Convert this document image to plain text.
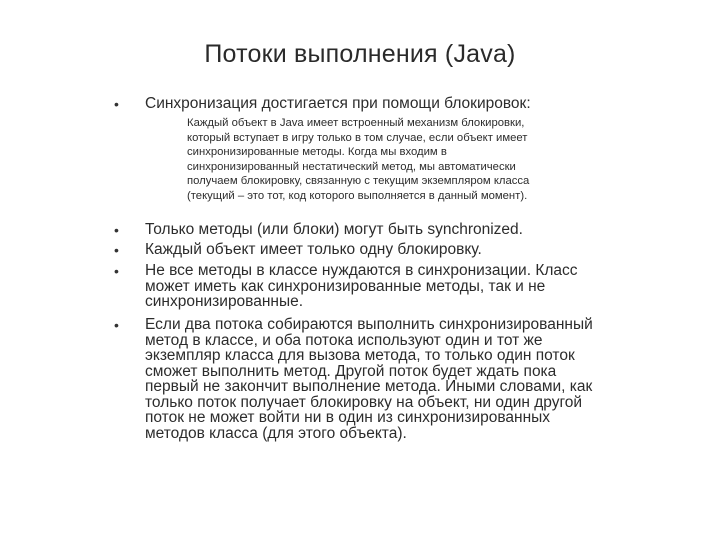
Потоки выполнения (Java)
• Синхронизация достигается при помощи блокировок:
Каждый объект в Java имеет встроенный механизм блокировки,
который вступает в игру только в том случае, если объект имеет
синхронизированные методы. Когда мы входим в
синхронизированный нестатический метод, мы автоматически
получаем блокировку, связанную с текущим экземпляром класса
(текущий – это тот, код которого выполняется в данный момент).
• Только методы (или блоки) могут быть synchronized.
• Каждый объект имеет только одну блокировку.
• Не все методы в классе нуждаются в синхронизации. Класс
может иметь как синхронизированные методы, так и не
синхронизированные.
• Если два потока собираются выполнить синхронизированный
метод в классе, и оба потока используют один и тот же
экземпляр класса для вызова метода, то только один поток
сможет выполнить метод. Другой поток будет ждать пока
первый не закончит выполнение метода. Иными словами, как
только поток получает блокировку на объект, ни один другой
поток не может войти ни в один из синхронизированных
методов класса (для этого объекта).
